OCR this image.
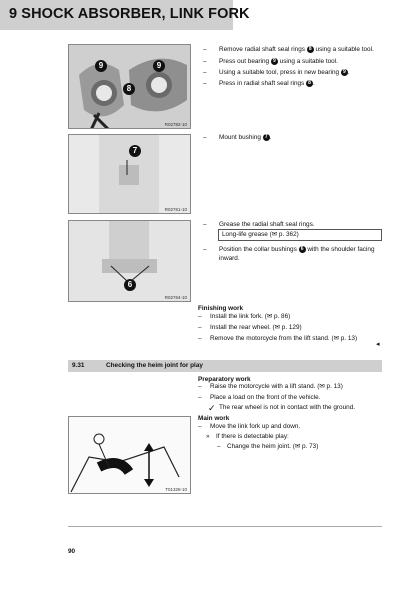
9 SHOCK ABSORBER, LINK FORK
9	9
8
R02782-10
7
R02761-10
6
R02764-10
– Remove radial shaft seal rings 8 using a suitable tool.
– Press out bearing 9 using a suitable tool.
– Using a suitable tool, press in new bearing 9 .
– Press in radial shaft seal rings 8 .
– Mount bushing 7 .
– Grease the radial shaft seal rings.
Long-life grease (✉ p. 362)
– Position the collar bushings 6 with the shoulder facing
inward.
Finishing work
– Install the link fork. (✉ p. 86)
– Install the rear wheel. (✉ p. 129)
– Remove the motorcycle from the lift stand. (✉ p. 13)
◂
9.31	Checking the heim joint for play
Preparatory work
– Raise the motorcycle with a lift stand. (✉ p. 13)
– Place a load on the front of the vehicle.
✓ The rear wheel is not in contact with the ground.
Main work
– Move the link fork up and down.
» If there is detectable play:
– Change the heim joint. (✉ p. 73)
T01328-10
90
